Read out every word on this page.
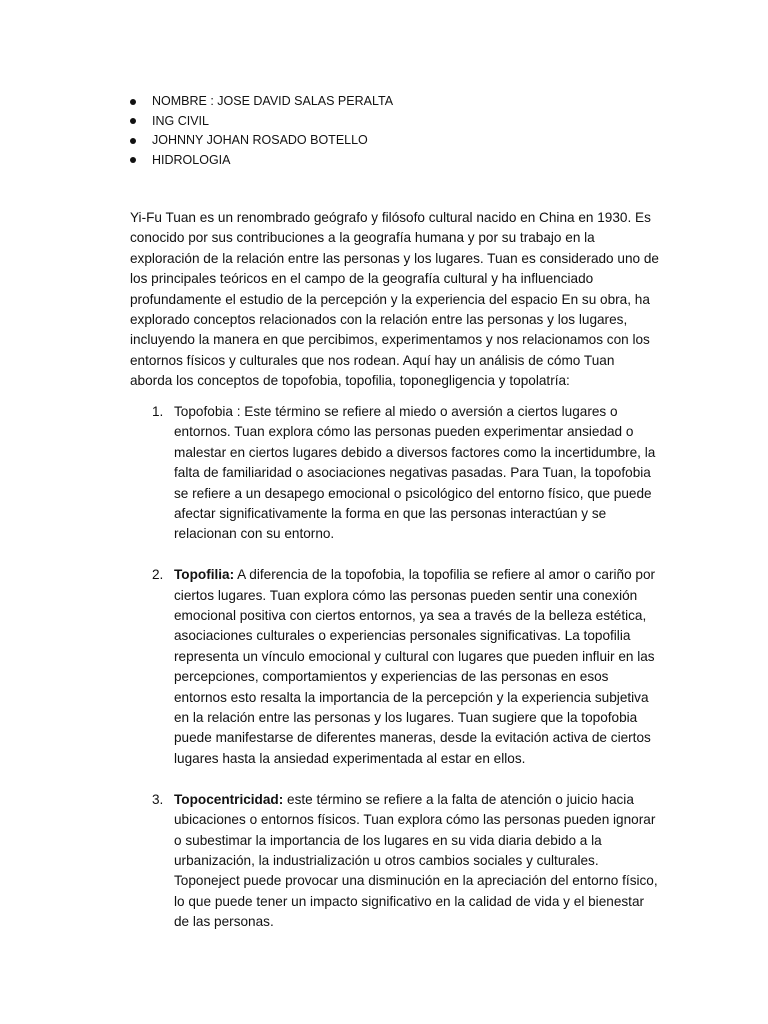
NOMBRE : JOSE DAVID SALAS PERALTA
ING CIVIL
JOHNNY JOHAN ROSADO BOTELLO
HIDROLOGIA

Yi-Fu Tuan es un renombrado geógrafo y filósofo cultural nacido en China en 1930. Es conocido por sus contribuciones a la geografía humana y por su trabajo en la exploración de la relación entre las personas y los lugares. Tuan es considerado uno de los principales teóricos en el campo de la geografía cultural y ha influenciado profundamente el estudio de la percepción y la experiencia del espacio En su obra, ha explorado conceptos relacionados con la relación entre las personas y los lugares, incluyendo la manera en que percibimos, experimentamos y nos relacionamos con los entornos físicos y culturales que nos rodean. Aquí hay un análisis de cómo Tuan aborda los conceptos de topofobia, topofilia, toponegligencia y topolatría:

1. Topofobia : Este término se refiere al miedo o aversión a ciertos lugares o entornos. Tuan explora cómo las personas pueden experimentar ansiedad o malestar en ciertos lugares debido a diversos factores como la incertidumbre, la falta de familiaridad o asociaciones negativas pasadas. Para Tuan, la topofobia se refiere a un desapego emocional o psicológico del entorno físico, que puede afectar significativamente la forma en que las personas interactúan y se relacionan con su entorno.
2. Topofilia: A diferencia de la topofobia, la topofilia se refiere al amor o cariño por ciertos lugares. Tuan explora cómo las personas pueden sentir una conexión emocional positiva con ciertos entornos, ya sea a través de la belleza estética, asociaciones culturales o experiencias personales significativas. La topofilia representa un vínculo emocional y cultural con lugares que pueden influir en las percepciones, comportamientos y experiencias de las personas en esos entornos esto resalta la importancia de la percepción y la experiencia subjetiva en la relación entre las personas y los lugares. Tuan sugiere que la topofobia puede manifestarse de diferentes maneras, desde la evitación activa de ciertos lugares hasta la ansiedad experimentada al estar en ellos.
3. Topocentricidad: este término se refiere a la falta de atención o juicio hacia ubicaciones o entornos físicos. Tuan explora cómo las personas pueden ignorar o subestimar la importancia de los lugares en su vida diaria debido a la urbanización, la industrialización u otros cambios sociales y culturales. Toponeject puede provocar una disminución en la apreciación del entorno físico, lo que puede tener un impacto significativo en la calidad de vida y el bienestar de las personas.
